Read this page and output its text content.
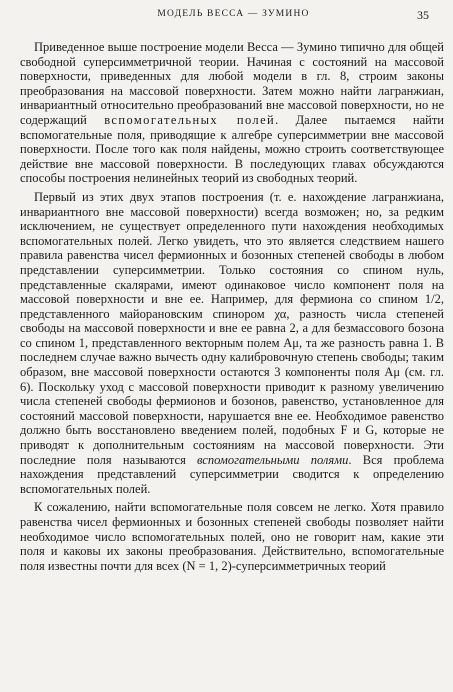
МОДЕЛЬ ВЕССА — ЗУМИНО	35

Приведенное выше построение модели Весса — Зумино типично для общей свободной суперсимметричной теории. Начиная с состояний на массовой поверхности, приведенных для любой модели в гл. 8, строим законы преобразования на массовой поверхности. Затем можно найти лагранжиан, инвариантный относительно преобразований вне массовой поверхности, но не содержащий вспомогательных полей. Далее пытаемся найти вспомогательные поля, приводящие к алгебре суперсимметрии вне массовой поверхности. После того как поля найдены, можно строить соответствующее действие вне массовой поверхности. В последующих главах обсуждаются способы построения нелинейных теорий из свободных теорий.

Первый из этих двух этапов построения (т. е. нахождение лагранжиана, инвариантного вне массовой поверхности) всегда возможен; но, за редким исключением, не существует определенного пути нахождения необходимых вспомогательных полей. Легко увидеть, что это является следствием нашего правила равенства чисел фермионных и бозонных степеней свободы в любом представлении суперсимметрии. Только состояния со спином нуль, представленные скалярами, имеют одинаковое число компонент поля на массовой поверхности и вне ее. Например, для фермиона со спином 1/2, представленного майорановским спинором χα, разность числа степеней свободы на массовой поверхности и вне ее равна 2, а для безмассового бозона со спином 1, представленного векторным полем Aμ, та же разность равна 1. В последнем случае важно вычесть одну калибровочную степень свободы; таким образом, вне массовой поверхности остаются 3 компоненты поля Aμ (см. гл. 6). Поскольку уход с массовой поверхности приводит к разному увеличению числа степеней свободы фермионов и бозонов, равенство, установленное для состояний массовой поверхности, нарушается вне ее. Необходимое равенство должно быть восстановлено введением полей, подобных F и G, которые не приводят к дополнительным состояниям на массовой поверхности. Эти последние поля называются вспомогательными полями. Вся проблема нахождения представлений суперсимметрии сводится к определению вспомогательных полей.

К сожалению, найти вспомогательные поля совсем не легко. Хотя правило равенства чисел фермионных и бозонных степеней свободы позволяет найти необходимое число вспомогательных полей, оно не говорит нам, какие эти поля и каковы их законы преобразования. Действительно, вспомогательные поля известны почти для всех (N = 1, 2)-суперсимметричных теорий
